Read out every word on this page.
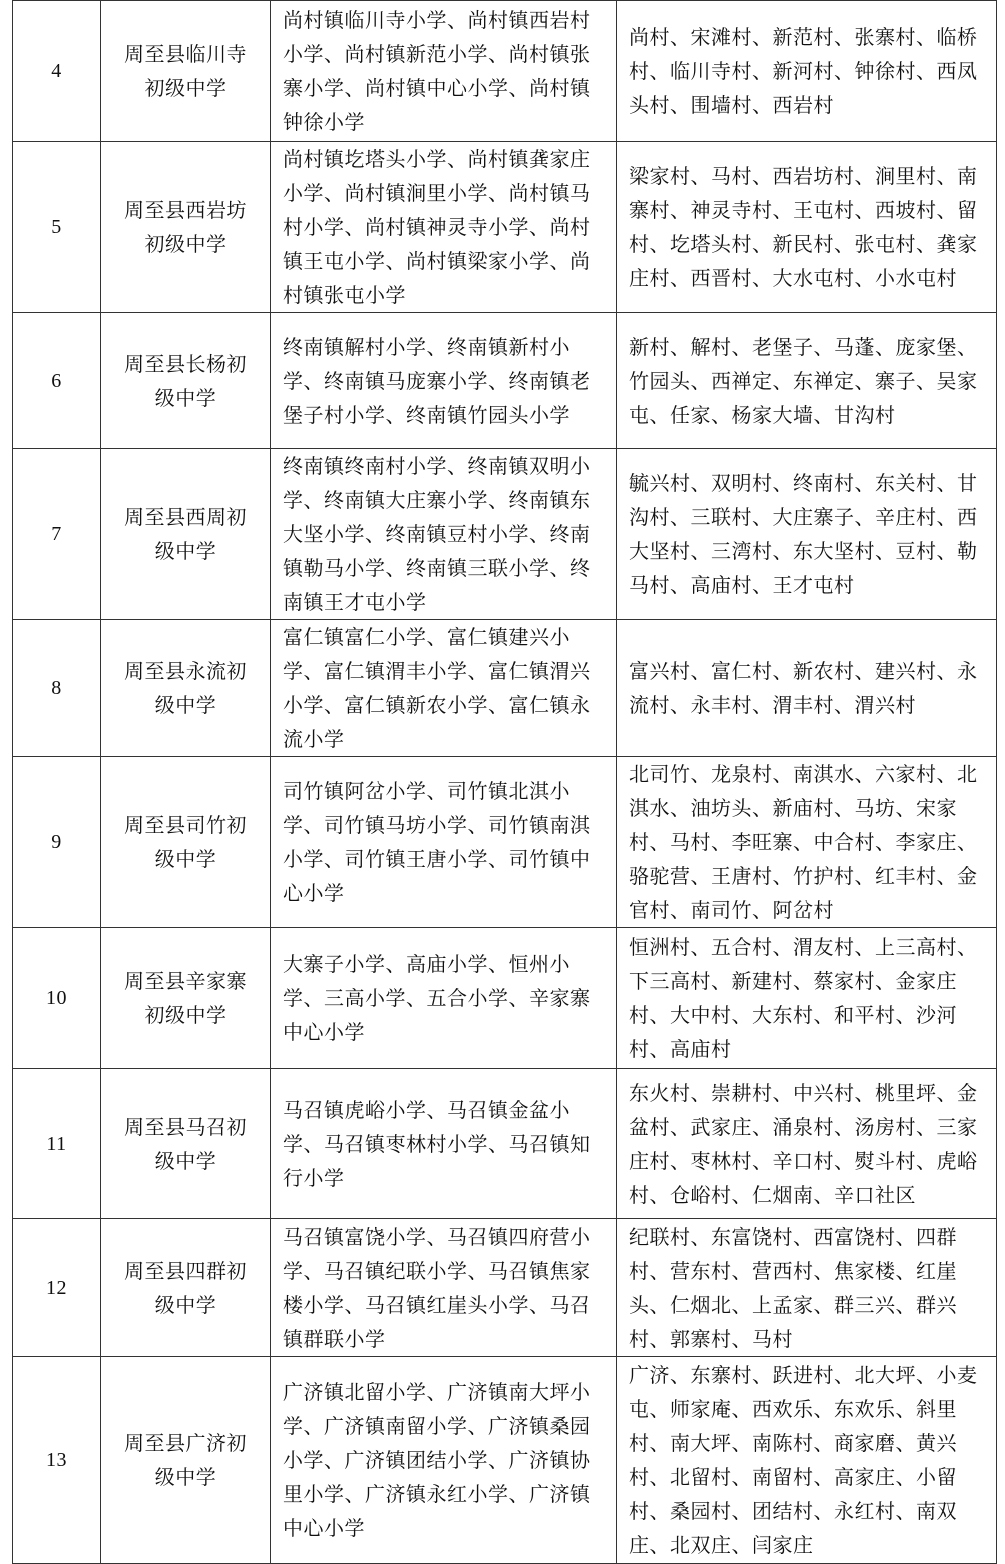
4	周至县临川寺初级中学	尚村镇临川寺小学、尚村镇西岩村小学、尚村镇新范小学、尚村镇张寨小学、尚村镇中心小学、尚村镇钟徐小学	尚村、宋滩村、新范村、张寨村、临桥村、临川寺村、新河村、钟徐村、西凤头村、围墙村、西岩村
5	周至县西岩坊初级中学	尚村镇圪塔头小学、尚村镇龚家庄小学、尚村镇涧里小学、尚村镇马村小学、尚村镇神灵寺小学、尚村镇王屯小学、尚村镇梁家小学、尚村镇张屯小学	梁家村、马村、西岩坊村、涧里村、南寨村、神灵寺村、王屯村、西坡村、留村、圪塔头村、新民村、张屯村、龚家庄村、西晋村、大水屯村、小水屯村
6	周至县长杨初级中学	终南镇解村小学、终南镇新村小学、终南镇马庞寨小学、终南镇老堡子村小学、终南镇竹园头小学	新村、解村、老堡子、马蓬、庞家堡、竹园头、西禅定、东禅定、寨子、吴家屯、任家、杨家大墙、甘沟村
7	周至县西周初级中学	终南镇终南村小学、终南镇双明小学、终南镇大庄寨小学、终南镇东大坚小学、终南镇豆村小学、终南镇勒马小学、终南镇三联小学、终南镇王才屯小学	毓兴村、双明村、终南村、东关村、甘沟村、三联村、大庄寨子、辛庄村、西大坚村、三湾村、东大坚村、豆村、勒马村、高庙村、王才屯村
8	周至县永流初级中学	富仁镇富仁小学、富仁镇建兴小学、富仁镇渭丰小学、富仁镇渭兴小学、富仁镇新农小学、富仁镇永流小学	富兴村、富仁村、新农村、建兴村、永流村、永丰村、渭丰村、渭兴村
9	周至县司竹初级中学	司竹镇阿岔小学、司竹镇北淇小学、司竹镇马坊小学、司竹镇南淇小学、司竹镇王唐小学、司竹镇中心小学	北司竹、龙泉村、南淇水、六家村、北淇水、油坊头、新庙村、马坊、宋家村、马村、李旺寨、中合村、李家庄、骆驼营、王唐村、竹护村、红丰村、金官村、南司竹、阿岔村
10	周至县辛家寨初级中学	大寨子小学、高庙小学、恒州小学、三高小学、五合小学、辛家寨中心小学	恒洲村、五合村、渭友村、上三高村、下三高村、新建村、蔡家村、金家庄村、大中村、大东村、和平村、沙河村、高庙村
11	周至县马召初级中学	马召镇虎峪小学、马召镇金盆小学、马召镇枣林村小学、马召镇知行小学	东火村、崇耕村、中兴村、桃里坪、金盆村、武家庄、涌泉村、汤房村、三家庄村、枣林村、辛口村、熨斗村、虎峪村、仓峪村、仁烟南、辛口社区
12	周至县四群初级中学	马召镇富饶小学、马召镇四府营小学、马召镇纪联小学、马召镇焦家楼小学、马召镇红崖头小学、马召镇群联小学	纪联村、东富饶村、西富饶村、四群村、营东村、营西村、焦家楼、红崖头、仁烟北、上孟家、群三兴、群兴村、郭寨村、马村
13	周至县广济初级中学	广济镇北留小学、广济镇南大坪小学、广济镇南留小学、广济镇桑园小学、广济镇团结小学、广济镇协里小学、广济镇永红小学、广济镇中心小学	广济、东寨村、跃进村、北大坪、小麦屯、师家庵、西欢乐、东欢乐、斜里村、南大坪、南陈村、商家磨、黄兴村、北留村、南留村、高家庄、小留村、桑园村、团结村、永红村、南双庄、北双庄、闫家庄
